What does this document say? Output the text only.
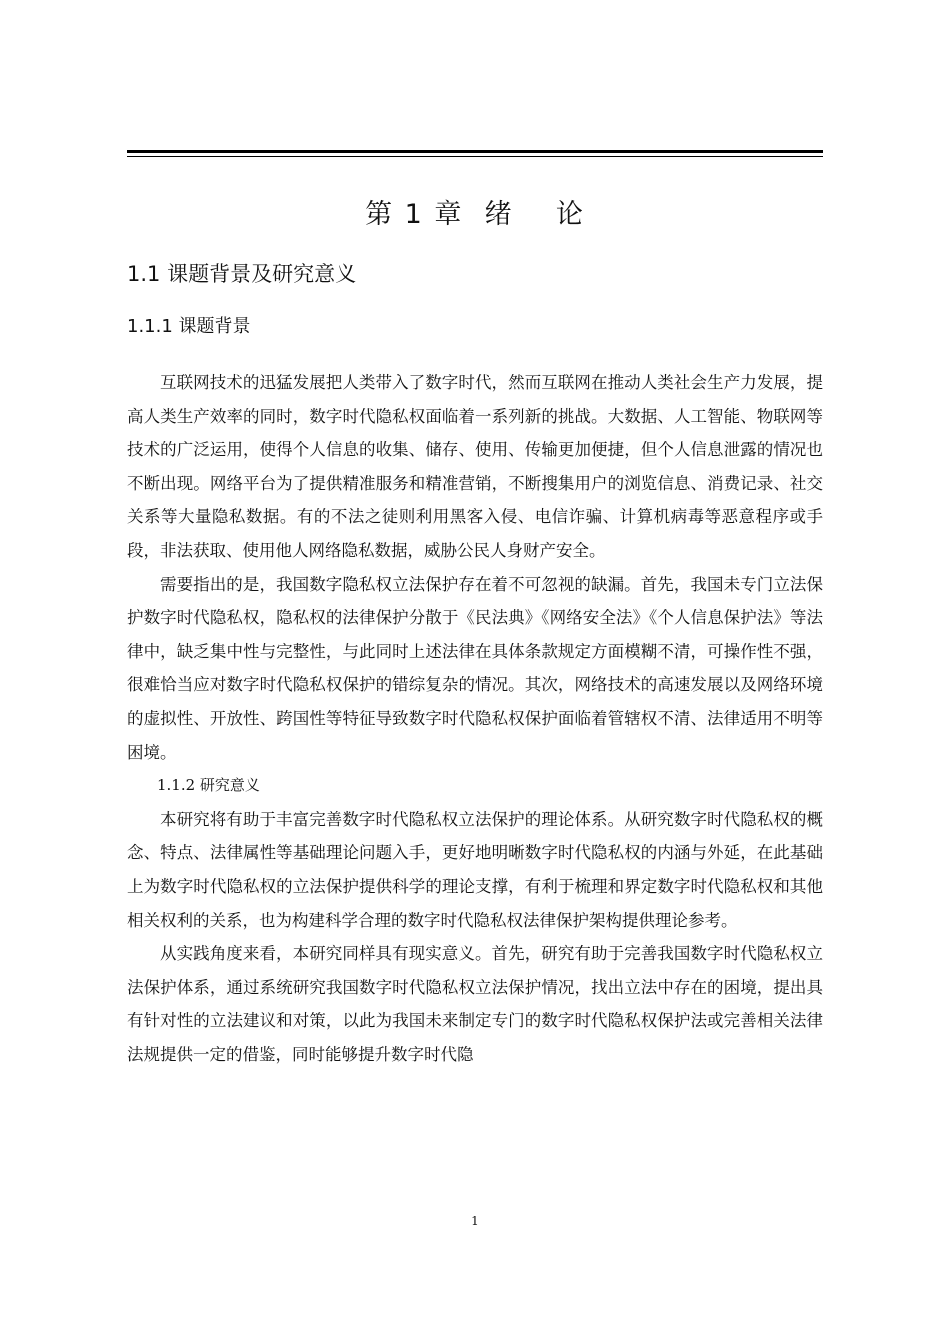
第 1 章  绪    论
1.1 课题背景及研究意义
1.1.1 课题背景

互联网技术的迅猛发展把人类带入了数字时代，然而互联网在推动人类社会生产力发展，提高人类生产效率的同时，数字时代隐私权面临着一系列新的挑战。大数据、人工智能、物联网等技术的广泛运用，使得个人信息的收集、储存、使用、传输更加便捷，但个人信息泄露的情况也不断出现。网络平台为了提供精准服务和精准营销，不断搜集用户的浏览信息、消费记录、社交关系等大量隐私数据。有的不法之徒则利用黑客入侵、电信诈骗、计算机病毒等恶意程序或手段，非法获取、使用他人网络隐私数据，威胁公民人身财产安全。

需要指出的是，我国数字隐私权立法保护存在着不可忽视的缺漏。首先，我国未专门立法保护数字时代隐私权，隐私权的法律保护分散于《民法典》《网络安全法》《个人信息保护法》等法律中，缺乏集中性与完整性，与此同时上述法律在具体条款规定方面模糊不清，可操作性不强，很难恰当应对数字时代隐私权保护的错综复杂的情况。其次，网络技术的高速发展以及网络环境的虚拟性、开放性、跨国性等特征导致数字时代隐私权保护面临着管辖权不清、法律适用不明等困境。

1.1.2 研究意义

本研究将有助于丰富完善数字时代隐私权立法保护的理论体系。从研究数字时代隐私权的概念、特点、法律属性等基础理论问题入手，更好地明晰数字时代隐私权的内涵与外延，在此基础上为数字时代隐私权的立法保护提供科学的理论支撑，有利于梳理和界定数字时代隐私权和其他相关权利的关系，也为构建科学合理的数字时代隐私权法律保护架构提供理论参考。

从实践角度来看，本研究同样具有现实意义。首先，研究有助于完善我国数字时代隐私权立法保护体系，通过系统研究我国数字时代隐私权立法保护情况，找出立法中存在的困境，提出具有针对性的立法建议和对策，以此为我国未来制定专门的数字时代隐私权保护法或完善相关法律法规提供一定的借鉴，同时能够提升数字时代隐

1
